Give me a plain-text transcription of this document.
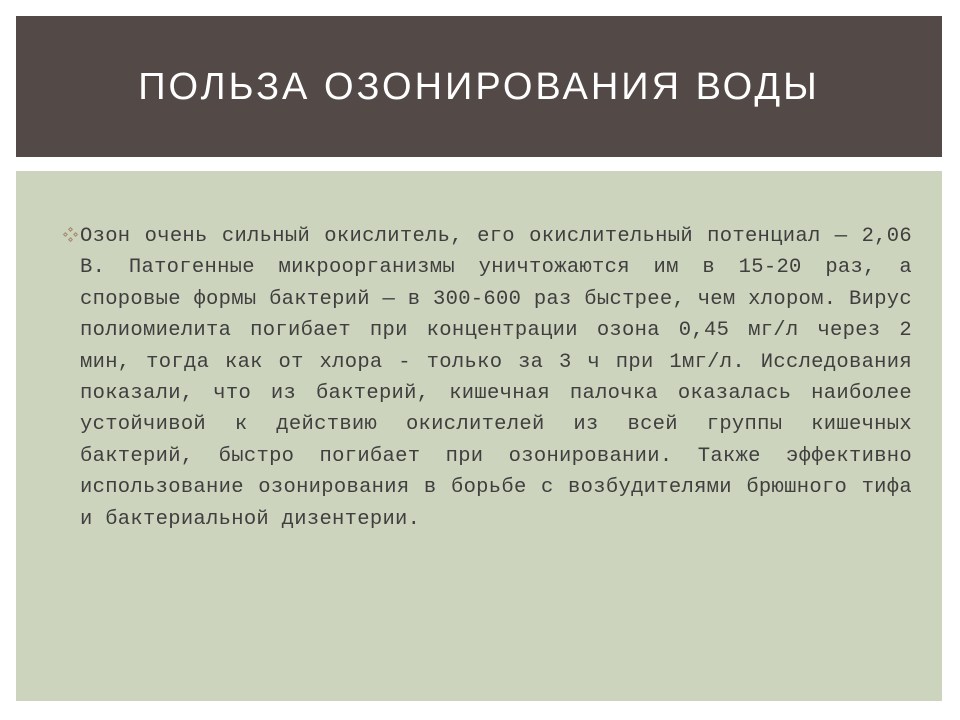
ПОЛЬЗА ОЗОНИРОВАНИЯ ВОДЫ

Озон очень сильный окислитель, его окислительный потенциал — 2,06 В. Патогенные микроорганизмы уничтожаются им в 15-20 раз, а споровые формы бактерий — в 300-600 раз быстрее, чем хлором. Вирус полиомиелита погибает при концентрации озона 0,45 мг/л через 2 мин, тогда как от хлора - только за 3 ч при 1мг/л. Исследования показали, что из бактерий, кишечная палочка оказалась наиболее устойчивой к действию окислителей из всей группы кишечных бактерий, быстро погибает при озонировании. Также эффективно использование озонирования в борьбе с возбудителями брюшного тифа и бактериальной дизентерии.
